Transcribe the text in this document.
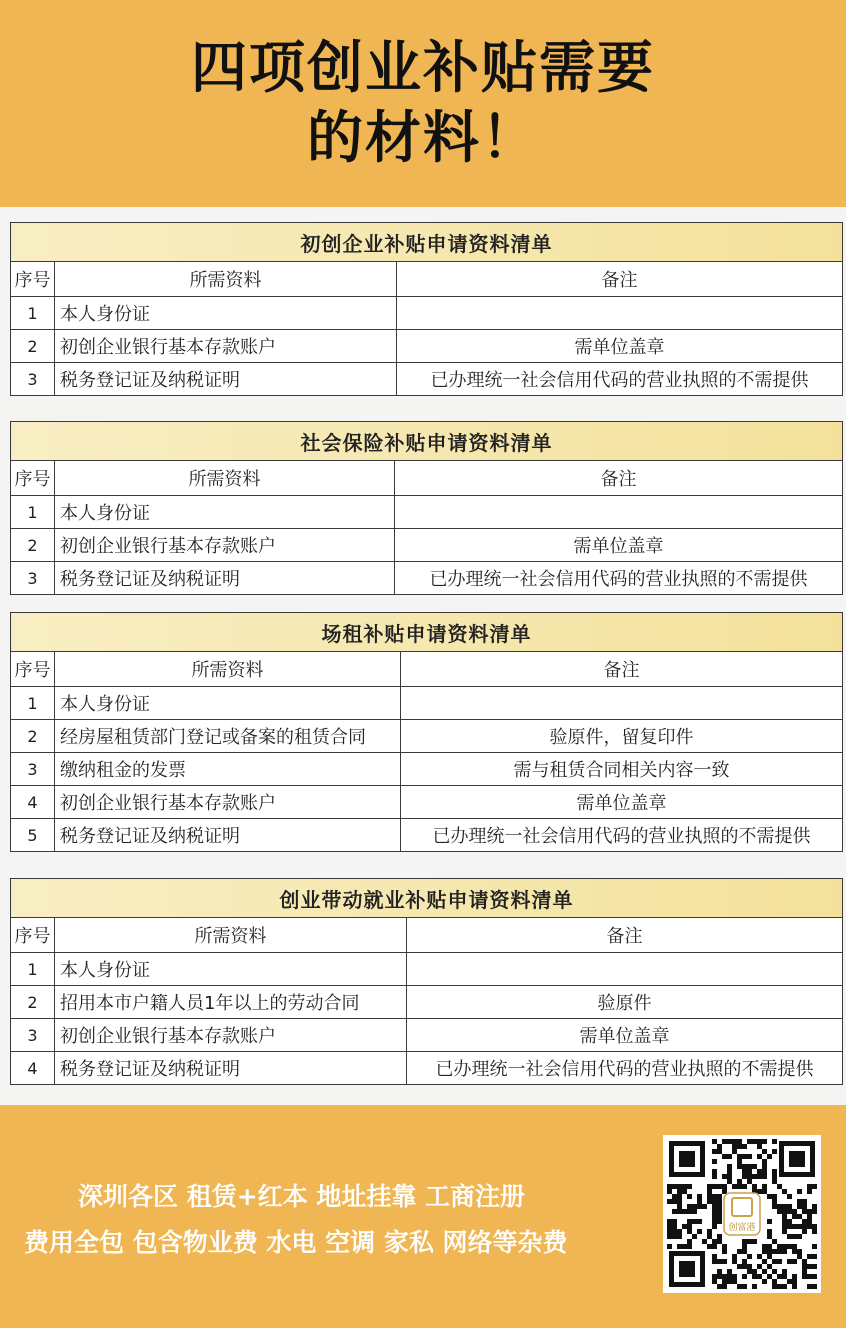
四项创业补贴需要
的材料！
初创企业补贴申请资料清单		
序号	所需资料	备注
1	本人身份证	
2	初创企业银行基本存款账户	需单位盖章
3	税务登记证及纳税证明	已办理统一社会信用代码的营业执照的不需提供
社会保险补贴申请资料清单		
序号	所需资料	备注
1	本人身份证	
2	初创企业银行基本存款账户	需单位盖章
3	税务登记证及纳税证明	已办理统一社会信用代码的营业执照的不需提供
场租补贴申请资料清单		
序号	所需资料	备注
1	本人身份证	
2	经房屋租赁部门登记或备案的租赁合同	验原件，留复印件
3	缴纳租金的发票	需与租赁合同相关内容一致
4	初创企业银行基本存款账户	需单位盖章
5	税务登记证及纳税证明	已办理统一社会信用代码的营业执照的不需提供
创业带动就业补贴申请资料清单		
序号	所需资料	备注
1	本人身份证	
2	招用本市户籍人员1年以上的劳动合同	验原件
3	初创企业银行基本存款账户	需单位盖章
4	税务登记证及纳税证明	已办理统一社会信用代码的营业执照的不需提供
深圳各区 租赁+红本 地址挂靠 工商注册
费用全包 包含物业费 水电 空调 家私 网络等杂费	创富港
